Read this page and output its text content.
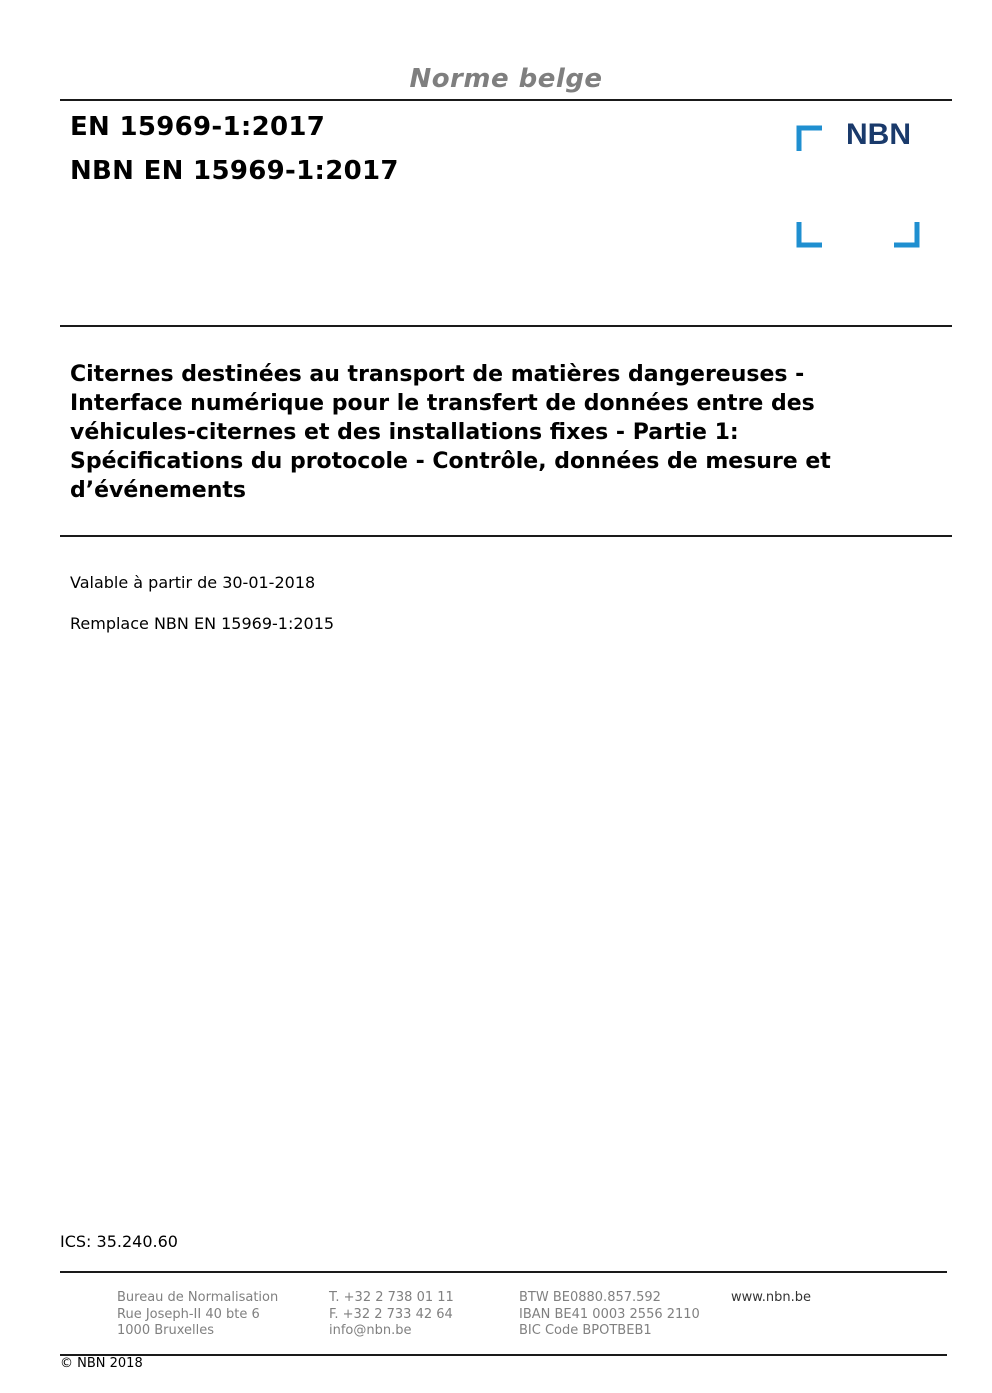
Norme belge
EN 15969-1:2017
NBN EN 15969-1:2017
NBN
Citernes destinées au transport de matières dangereuses -
Interface numérique pour le transfert de données entre des
véhicules-citernes et des installations fixes - Partie 1:
Spécifications du protocole - Contrôle, données de mesure et
d’événements
Valable à partir de 30-01-2018
Remplace NBN EN 15969-1:2015
ICS: 35.240.60
Bureau de Normalisation
Rue Joseph-II 40 bte 6
1000 Bruxelles
T. +32 2 738 01 11
F. +32 2 733 42 64
info@nbn.be
BTW BE0880.857.592
IBAN BE41 0003 2556 2110
BIC Code BPOTBEB1
www.nbn.be
© NBN 2018
